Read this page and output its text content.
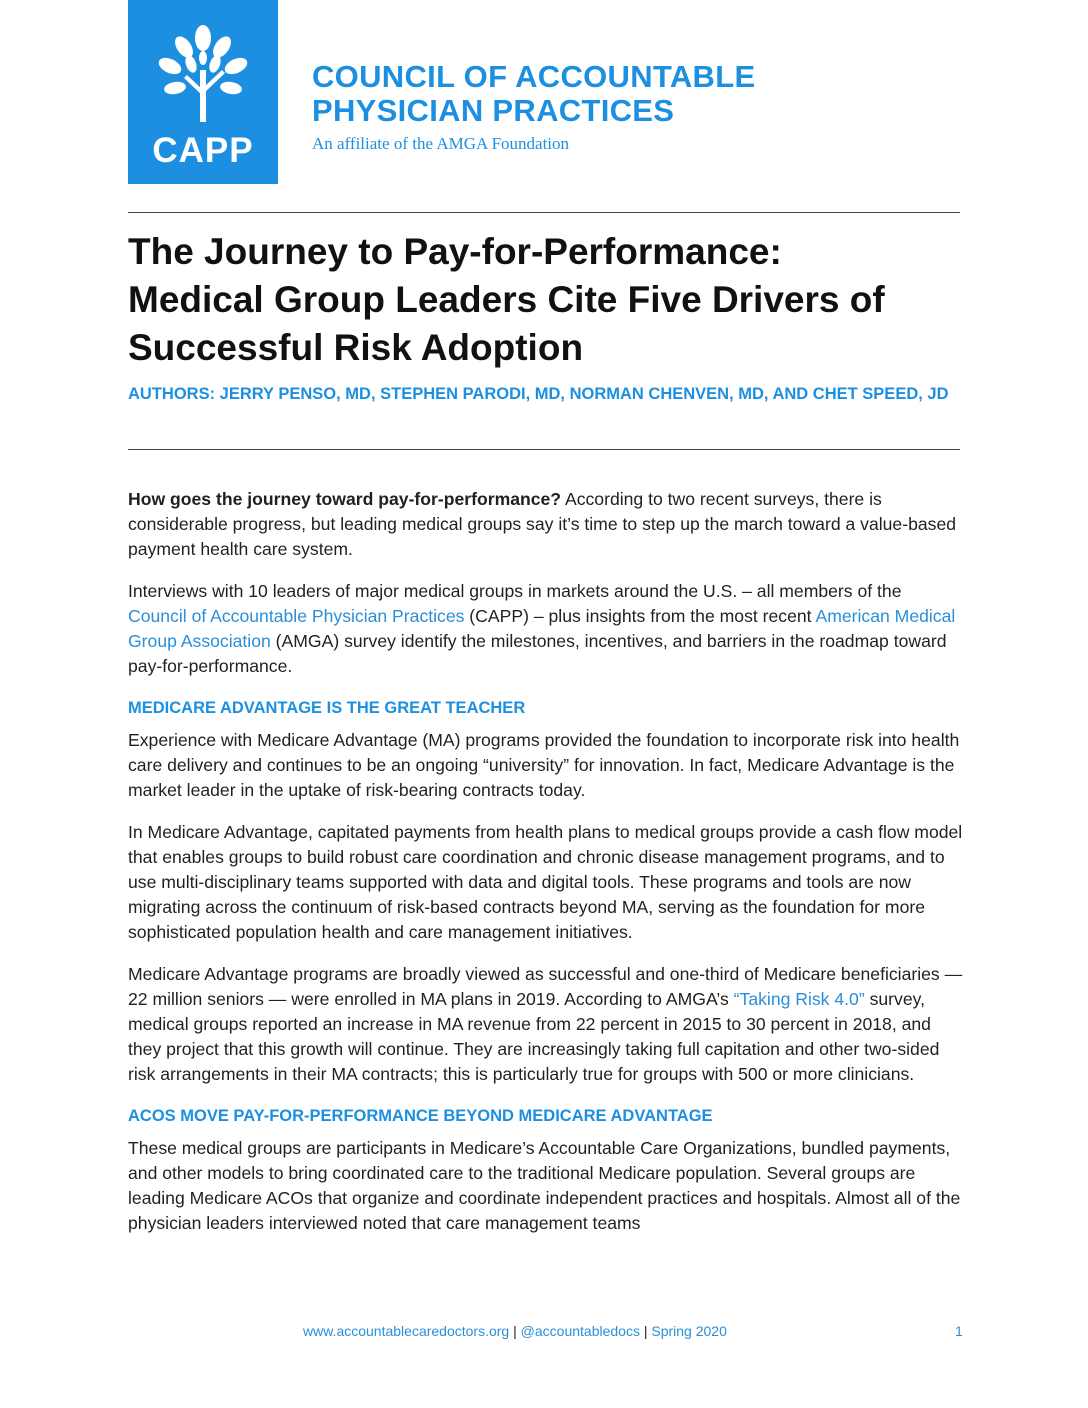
CAPP
COUNCIL OF ACCOUNTABLE
PHYSICIAN PRACTICES
An affiliate of the AMGA Foundation
The Journey to Pay-for-Performance:
Medical Group Leaders Cite Five Drivers of
Successful Risk Adoption
AUTHORS: JERRY PENSO, MD, STEPHEN PARODI, MD, NORMAN CHENVEN, MD, AND CHET SPEED, JD

How goes the journey toward pay-for-performance? According to two recent surveys, there is considerable progress, but leading medical groups say it’s time to step up the march toward a value-based payment health care system.

Interviews with 10 leaders of major medical groups in markets around the U.S. – all members of the Council of Accountable Physician Practices (CAPP) – plus insights from the most recent American Medical Group Association (AMGA) survey identify the milestones, incentives, and barriers in the roadmap toward pay-for-performance.

MEDICARE ADVANTAGE IS THE GREAT TEACHER

Experience with Medicare Advantage (MA) programs provided the foundation to incorporate risk into health care delivery and continues to be an ongoing “university” for innovation. In fact, Medicare Advantage is the market leader in the uptake of risk-bearing contracts today.

In Medicare Advantage, capitated payments from health plans to medical groups provide a cash flow model that enables groups to build robust care coordination and chronic disease management programs, and to use multi-disciplinary teams supported with data and digital tools. These programs and tools are now migrating across the continuum of risk-based contracts beyond MA, serving as the foundation for more sophisticated population health and care management initiatives.

Medicare Advantage programs are broadly viewed as successful and one-third of Medicare beneficiaries — 22 million seniors — were enrolled in MA plans in 2019. According to AMGA’s “Taking Risk 4.0” survey, medical groups reported an increase in MA revenue from 22 percent in 2015 to 30 percent in 2018, and they project that this growth will continue. They are increasingly taking full capitation and other two-sided risk arrangements in their MA contracts; this is particularly true for groups with 500 or more clinicians.

ACOS MOVE PAY-FOR-PERFORMANCE BEYOND MEDICARE ADVANTAGE

These medical groups are participants in Medicare’s Accountable Care Organizations, bundled payments, and other models to bring coordinated care to the traditional Medicare population. Several groups are leading Medicare ACOs that organize and coordinate independent practices and hospitals. Almost all of the physician leaders interviewed noted that care management teams

www.accountablecaredoctors.org | @accountabledocs | Spring 2020	1
